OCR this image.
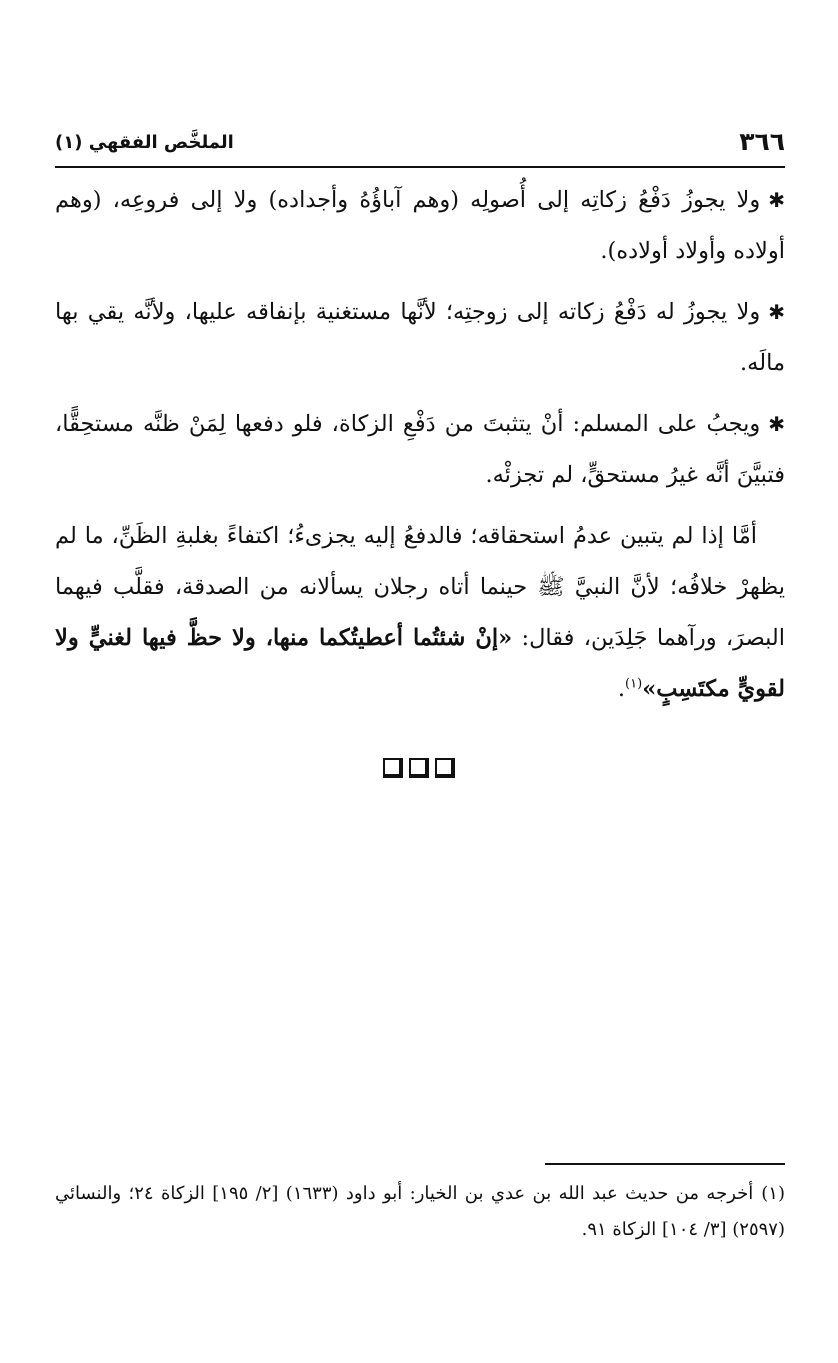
٣٦٦
الملخَّص الفقهي (١)

✱ولا يجوزُ دَفْعُ زكاتِه إلى أُصولِه (وهم آباؤُهُ وأجداده) ولا إلى فروعِه، (وهم أولاده وأولاد أولاده).

✱ولا يجوزُ له دَفْعُ زكاته إلى زوجتِه؛ لأنَّها مستغنية بإنفاقه عليها، ولأنَّه يقي بها مالَه.

✱ويجبُ على المسلم: أنْ يتثبتَ من دَفْعِ الزكاة، فلو دفعها لِمَنْ ظنَّه مستحِقًّا، فتبيَّنَ أنَّه غيرُ مستحقٍّ، لم تجزئْه.

أمَّا إذا لم يتبين عدمُ استحقاقه؛ فالدفعُ إليه يجزىءُ؛ اكتفاءً بغلبةِ الظَنِّ، ما لم يظهرْ خلافُه؛ لأنَّ النبيَّ ﷺ حينما أتاه رجلان يسألانه من الصدقة، فقلَّب فيهما البصرَ، ورآهما جَلِدَين، فقال: «إنْ شئتُما أعطيتُكما منها، ولا حظَّ فيها لغنيٍّ ولا لقويٍّ مكتَسِبٍ»$^{(١)}$.

(١)أخرجه من حديث عبد الله بن عدي بن الخيار: أبو داود (١٦٣٣) [٢/ ١٩٥] الزكاة ٢٤؛ والنسائي (٢٥٩٧) [٣/ ١٠٤] الزكاة ٩١.
